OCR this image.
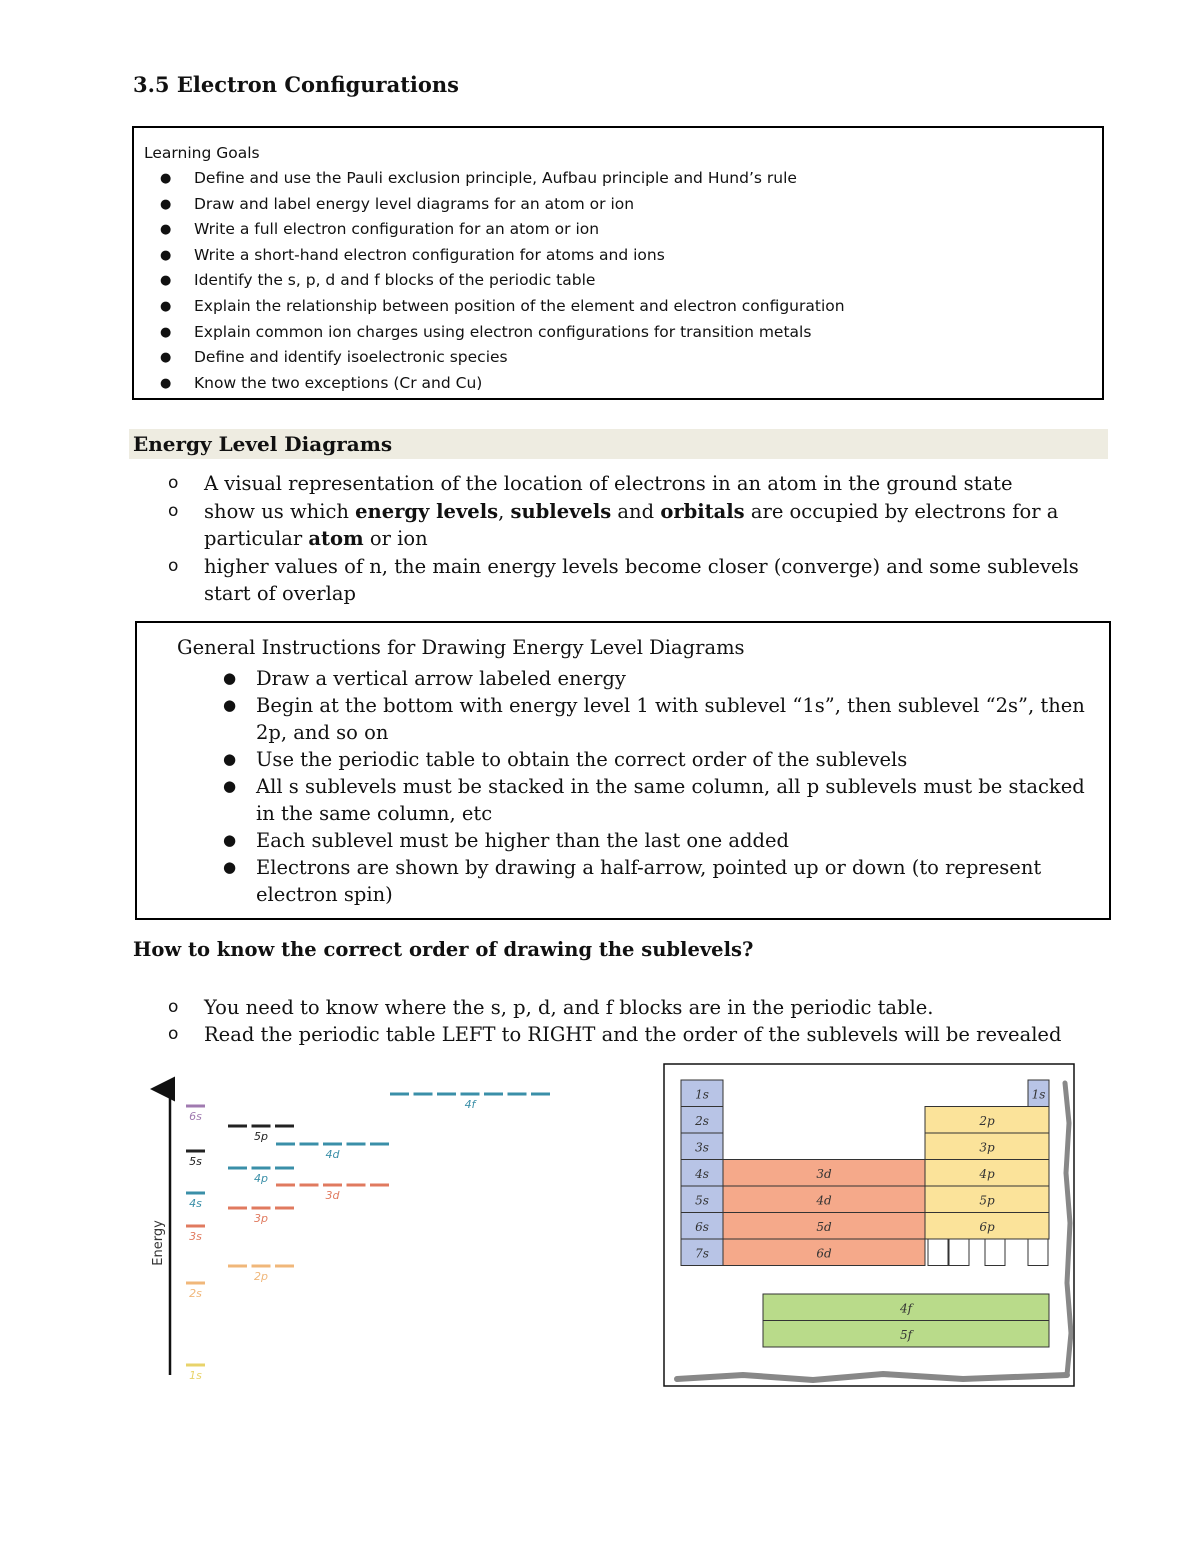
3.5 Electron Configurations
Learning Goals
● Define and use the Pauli exclusion principle, Aufbau principle and Hund’s rule
● Draw and label energy level diagrams for an atom or ion
● Write a full electron configuration for an atom or ion
● Write a short-hand electron configuration for atoms and ions
● Identify the s, p, d and f blocks of the periodic table
● Explain the relationship between position of the element and electron configuration
● Explain common ion charges using electron configurations for transition metals
● Define and identify isoelectronic species
● Know the two exceptions (Cr and Cu)
Energy Level Diagrams
o A visual representation of the location of electrons in an atom in the ground state
o show us which energy levels, sublevels and orbitals are occupied by electrons for a particular atom or ion
o higher values of n, the main energy levels become closer (converge) and some sublevels start of overlap
General Instructions for Drawing Energy Level Diagrams
● Draw a vertical arrow labeled energy
● Begin at the bottom with energy level 1 with sublevel “1s”, then sublevel “2s”, then 2p, and so on
● Use the periodic table to obtain the correct order of the sublevels
● All s sublevels must be stacked in the same column, all p sublevels must be stacked in the same column, etc
● Each sublevel must be higher than the last one added
● Electrons are shown by drawing a half-arrow, pointed up or down (to represent electron spin)
How to know the correct order of drawing the sublevels?
o You need to know where the s, p, d, and f blocks are in the periodic table.
o Read the periodic table LEFT to RIGHT and the order of the sublevels will be revealed
Energy
1s
2s
2p
3s
3p
4s
3d
4p
5s
4d
5p
6s
4f
1s
2s
3s
4s
5s
6s
7s
1s
2p
3p
4p
5p
6p
3d
4d
5d
6d
4f
5f
